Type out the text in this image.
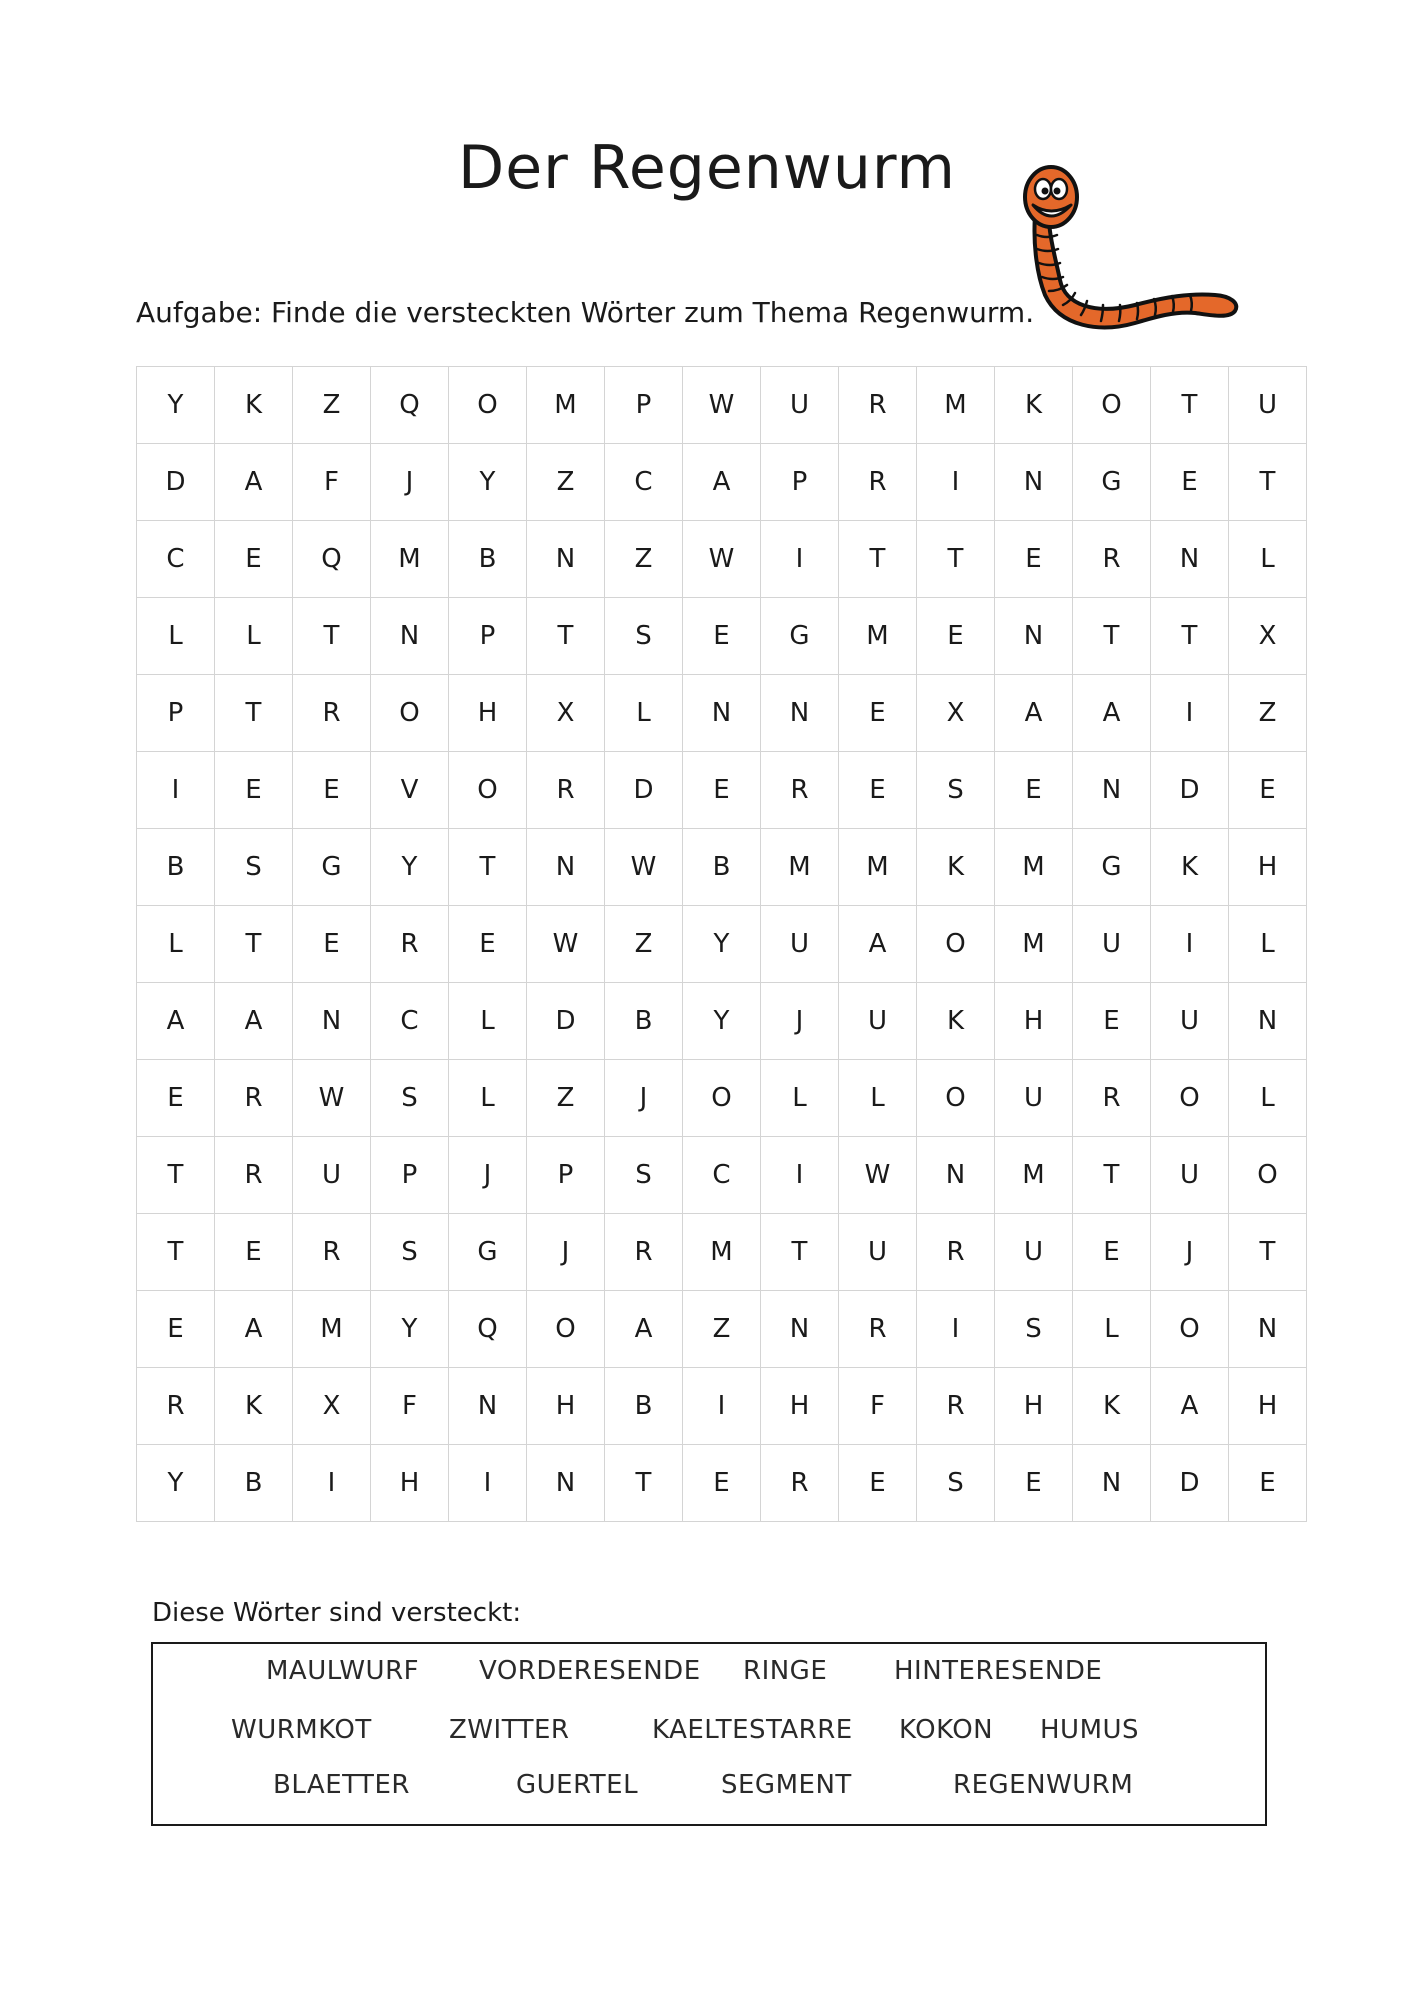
Der Regenwurm
Aufgabe: Finde die versteckten Wörter zum Thema Regenwurm.
Y	K	Z	Q	O	M	P	W	U	R	M	K	O	T	U
D	A	F	J	Y	Z	C	A	P	R	I	N	G	E	T
C	E	Q	M	B	N	Z	W	I	T	T	E	R	N	L
L	L	T	N	P	T	S	E	G	M	E	N	T	T	X
P	T	R	O	H	X	L	N	N	E	X	A	A	I	Z
I	E	E	V	O	R	D	E	R	E	S	E	N	D	E
B	S	G	Y	T	N	W	B	M	M	K	M	G	K	H
L	T	E	R	E	W	Z	Y	U	A	O	M	U	I	L
A	A	N	C	L	D	B	Y	J	U	K	H	E	U	N
E	R	W	S	L	Z	J	O	L	L	O	U	R	O	L
T	R	U	P	J	P	S	C	I	W	N	M	T	U	O
T	E	R	S	G	J	R	M	T	U	R	U	E	J	T
E	A	M	Y	Q	O	A	Z	N	R	I	S	L	O	N
R	K	X	F	N	H	B	I	H	F	R	H	K	A	H
Y	B	I	H	I	N	T	E	R	E	S	E	N	D	E
Diese Wörter sind versteckt:
MAULWURF VORDERESENDE RINGE	HINTERESENDE
WURMKOT	ZWITTER	KAELTESTARRE KOKON HUMUS
BLAETTER	GUERTEL	SEGMENT	REGENWURM
